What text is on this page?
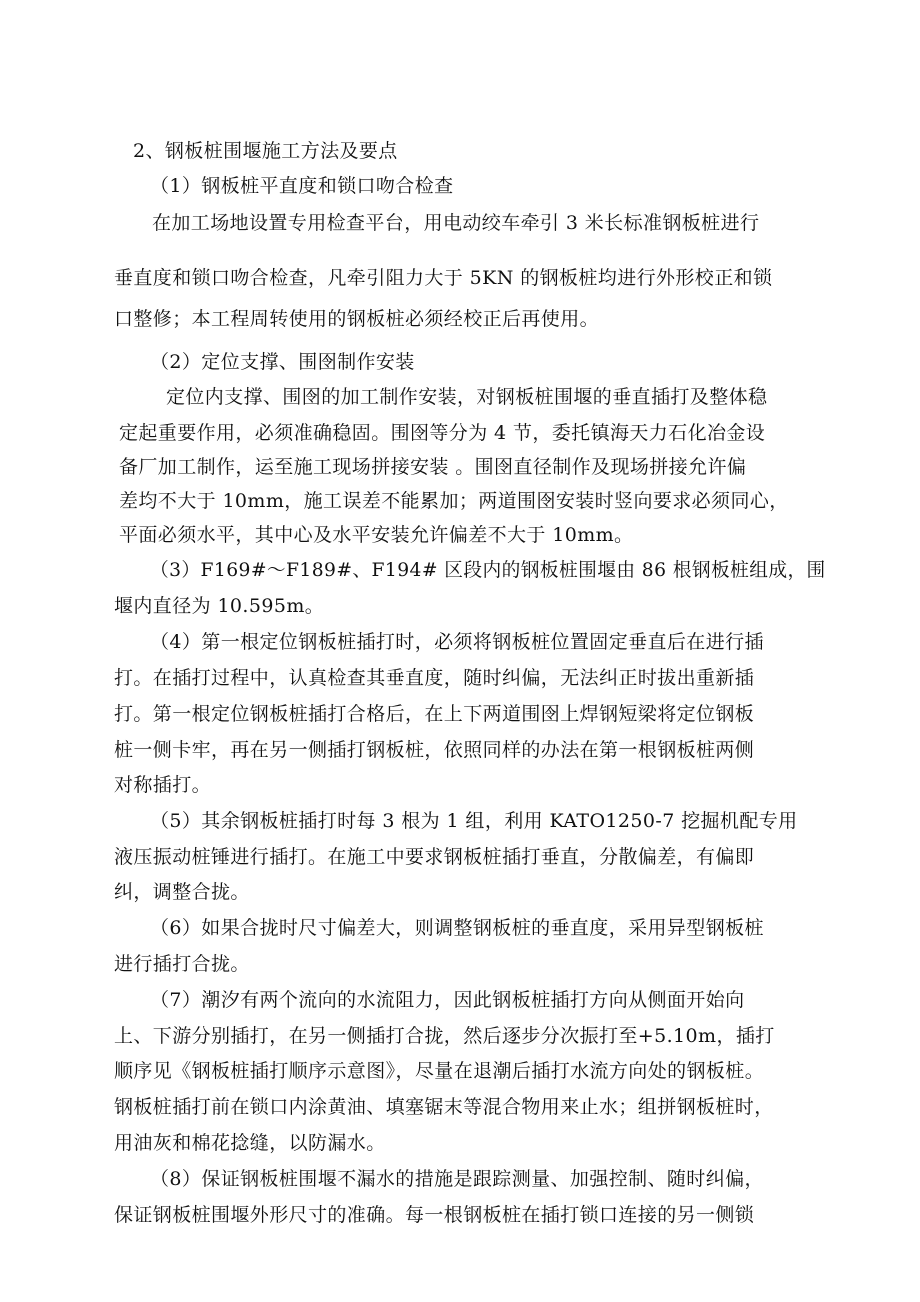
2、钢板桩围堰施工方法及要点
（1）钢板桩平直度和锁口吻合检查
在加工场地设置专用检查平台，用电动绞车牵引 3 米长标准钢板桩进行
垂直度和锁口吻合检查，凡牵引阻力大于 5KN 的钢板桩均进行外形校正和锁
口整修；本工程周转使用的钢板桩必须经校正后再使用。
（2）定位支撑、围囹制作安装
定位内支撑、围囹的加工制作安装，对钢板桩围堰的垂直插打及整体稳
定起重要作用，必须准确稳固。围囹等分为 4 节，委托镇海天力石化冶金设
备厂加工制作，运至施工现场拼接安装 。围囹直径制作及现场拼接允许偏
差均不大于 10mm，施工误差不能累加；两道围囹安装时竖向要求必须同心，
平面必须水平，其中心及水平安装允许偏差不大于 10mm。
（3）F169#～F189#、F194# 区段内的钢板桩围堰由 86 根钢板桩组成，围
堰内直径为 10.595m。
（4）第一根定位钢板桩插打时，必须将钢板桩位置固定垂直后在进行插
打。在插打过程中，认真检查其垂直度，随时纠偏，无法纠正时拔出重新插
打。第一根定位钢板桩插打合格后，在上下两道围囹上焊钢短梁将定位钢板
桩一侧卡牢，再在另一侧插打钢板桩，依照同样的办法在第一根钢板桩两侧
对称插打。
（5）其余钢板桩插打时每 3 根为 1 组，利用 KATO1250-7 挖掘机配专用
液压振动桩锤进行插打。在施工中要求钢板桩插打垂直，分散偏差，有偏即
纠，调整合拢。
（6）如果合拢时尺寸偏差大，则调整钢板桩的垂直度，采用异型钢板桩
进行插打合拢。
（7）潮汐有两个流向的水流阻力，因此钢板桩插打方向从侧面开始向
上、下游分别插打，在另一侧插打合拢，然后逐步分次振打至+5.10m，插打
顺序见《钢板桩插打顺序示意图》，尽量在退潮后插打水流方向处的钢板桩。
钢板桩插打前在锁口内涂黄油、填塞锯末等混合物用来止水；组拼钢板桩时，
用油灰和棉花捻缝，以防漏水。
（8）保证钢板桩围堰不漏水的措施是跟踪测量、加强控制、随时纠偏，
保证钢板桩围堰外形尺寸的准确。每一根钢板桩在插打锁口连接的另一侧锁
